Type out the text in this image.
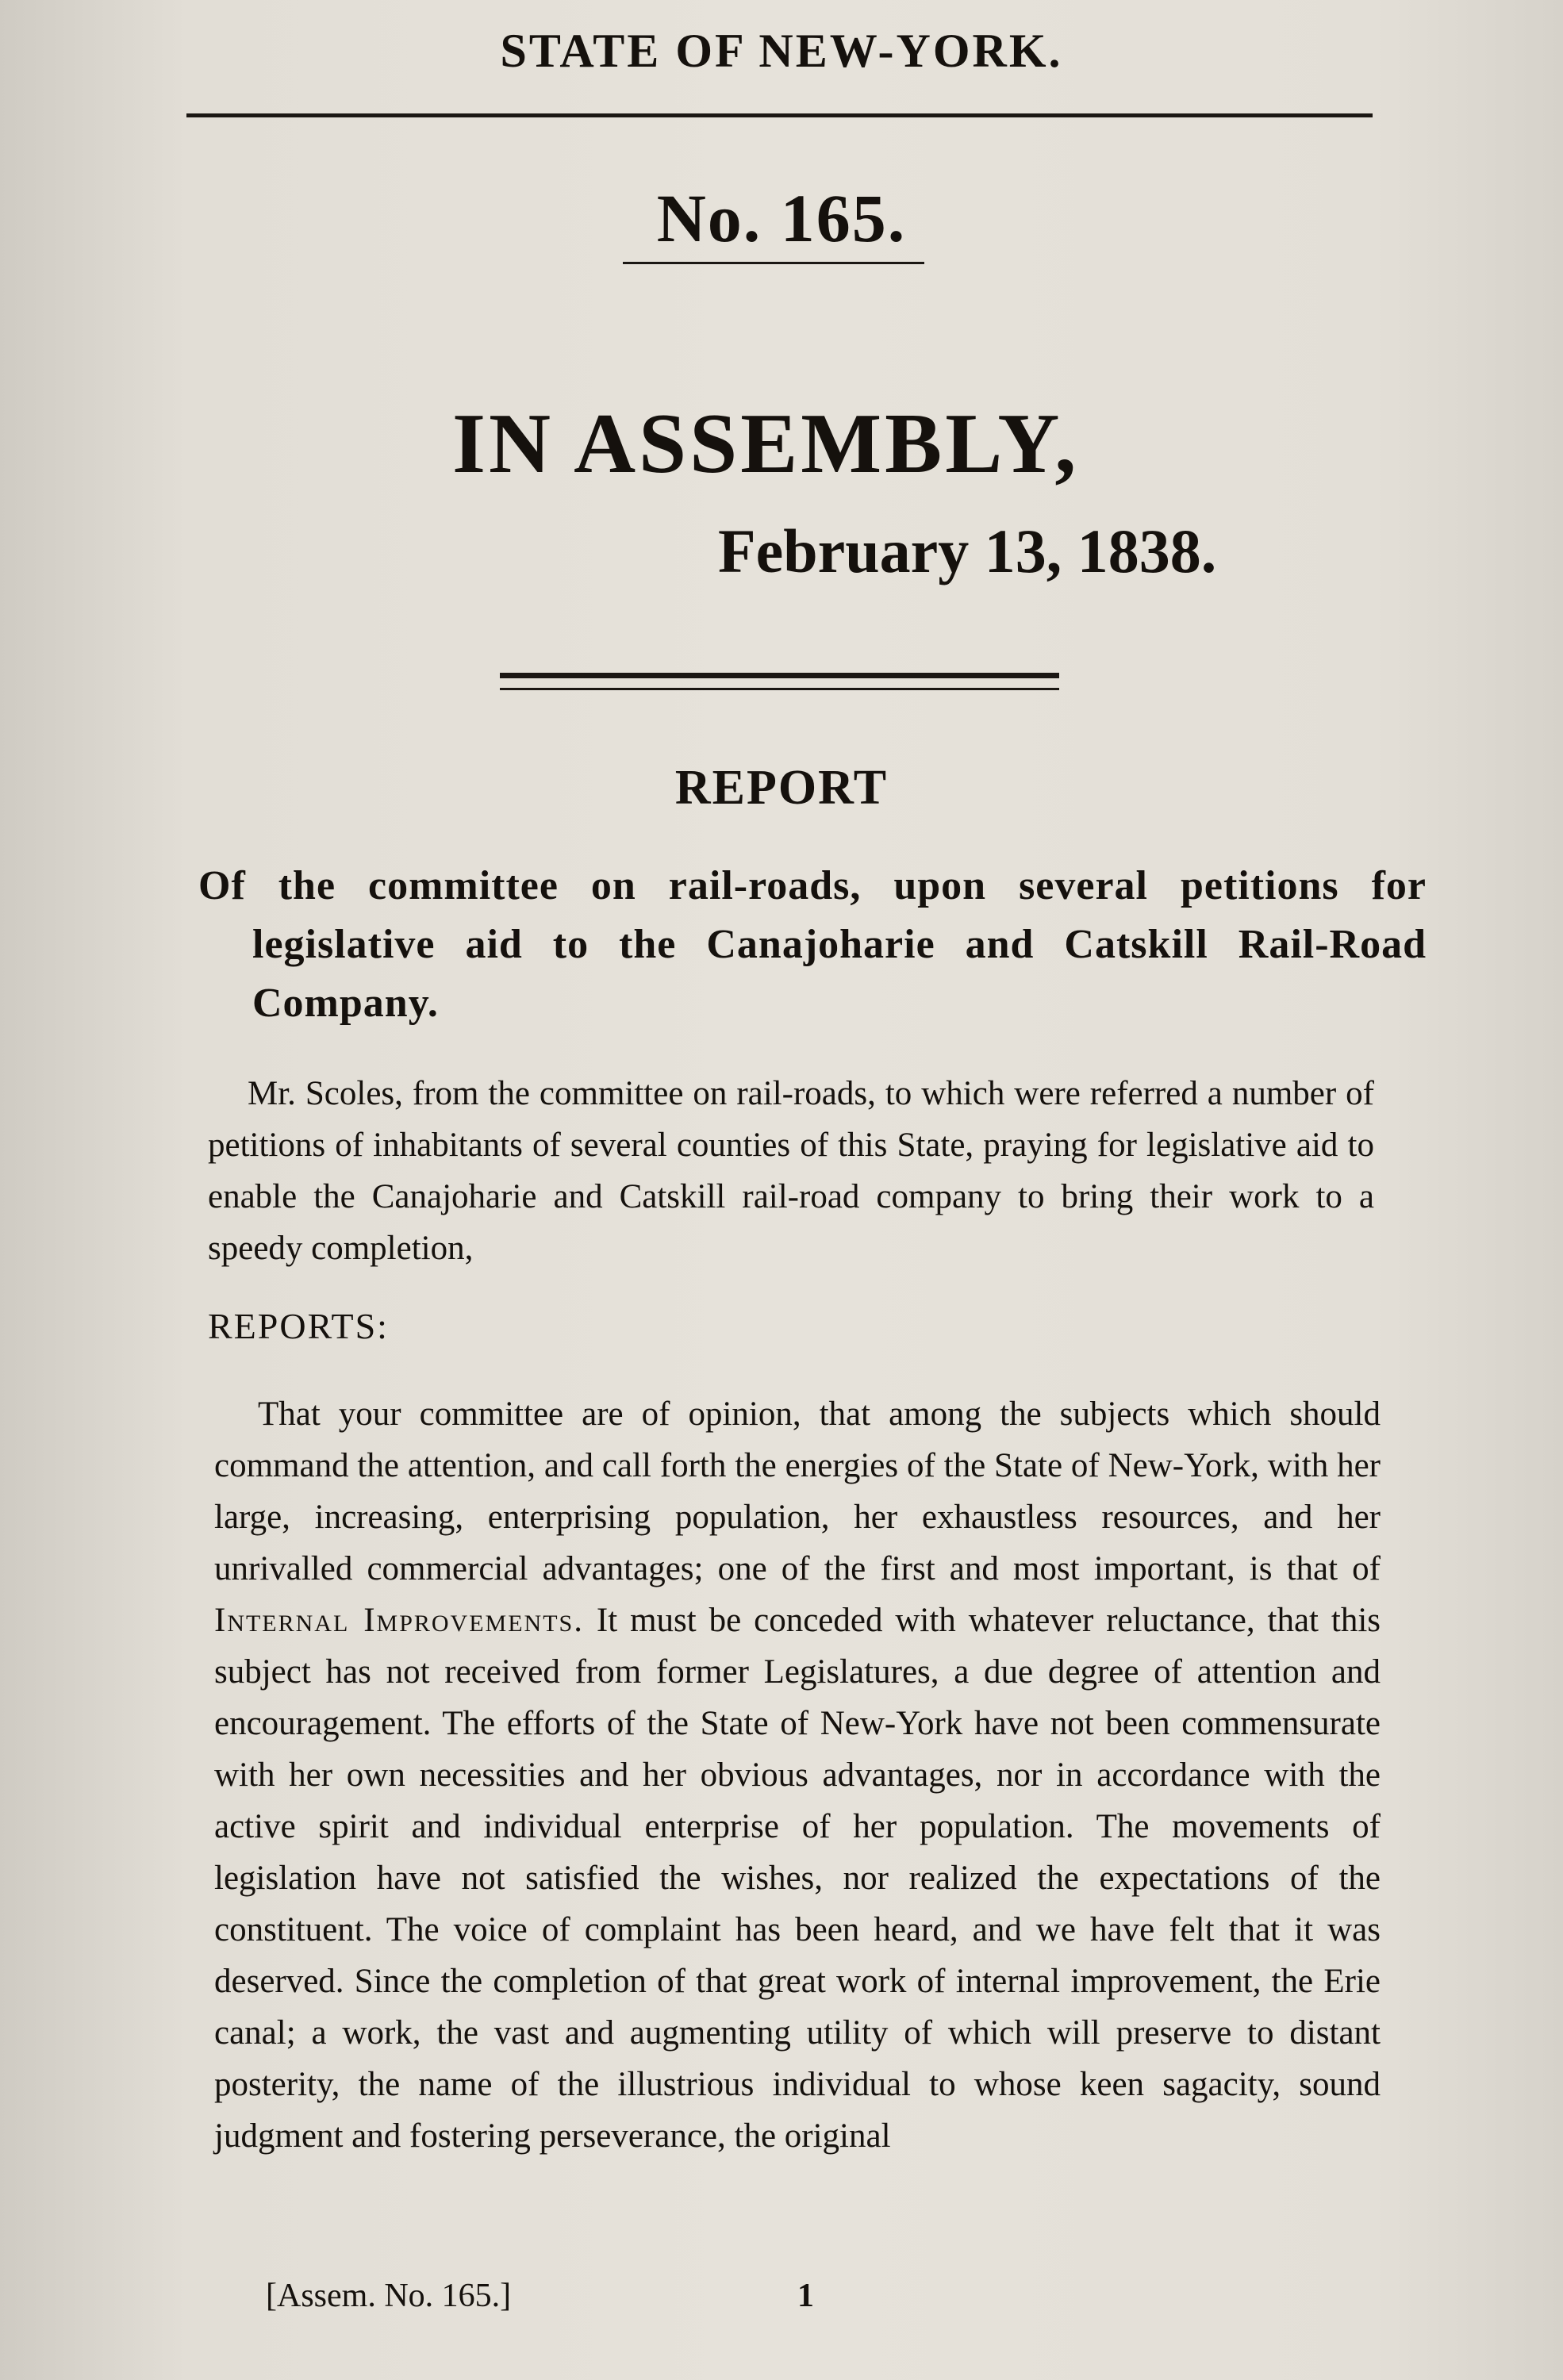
STATE OF NEW-YORK.
No. 165.
IN ASSEMBLY,
February 13, 1838.
REPORT
Of the committee on rail-roads, upon several petitions for legislative aid to the Canajoharie and Catskill Rail-Road Company.
Mr. Scoles, from the committee on rail-roads, to which were referred a number of petitions of inhabitants of several counties of this State, praying for legislative aid to enable the Canajoharie and Catskill rail-road company to bring their work to a speedy completion,
REPORTS:
That your committee are of opinion, that among the subjects which should command the attention, and call forth the energies of the State of New-York, with her large, increasing, enterprising population, her exhaustless resources, and her unrivalled commercial advantages; one of the first and most important, is that of Internal Improvements. It must be conceded with whatever reluctance, that this subject has not received from former Legislatures, a due degree of attention and encouragement. The efforts of the State of New-York have not been commensurate with her own necessities and her obvious advantages, nor in accordance with the active spirit and individual enterprise of her population. The movements of legislation have not satisfied the wishes, nor realized the expectations of the constituent. The voice of complaint has been heard, and we have felt that it was deserved. Since the completion of that great work of internal improvement, the Erie canal; a work, the vast and augmenting utility of which will preserve to distant posterity, the name of the illustrious individual to whose keen sagacity, sound judgment and fostering perseverance, the original
[Assem. No. 165.]	1
